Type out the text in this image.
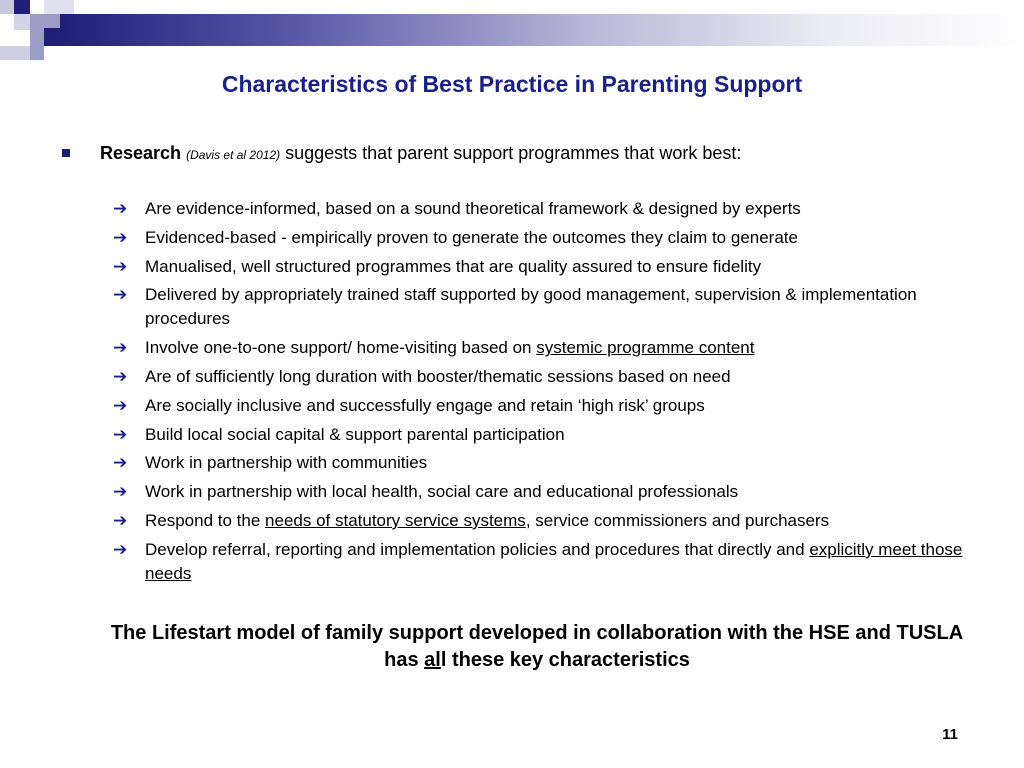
Characteristics of Best Practice in Parenting Support
Research (Davis et al 2012) suggests that parent support programmes that work best:
➔ Are evidence-informed, based on a sound theoretical framework & designed by experts
➔ Evidenced-based - empirically proven to generate the outcomes they claim to generate
➔ Manualised, well structured programmes that are quality assured to ensure fidelity
➔ Delivered by appropriately trained staff supported by good management, supervision & implementation procedures
➔ Involve one-to-one support/ home-visiting based on systemic programme content
➔ Are of sufficiently long duration with booster/thematic sessions based on need
➔ Are socially inclusive and successfully engage and retain ‘high risk’ groups
➔ Build local social capital & support parental participation
➔ Work in partnership with communities
➔ Work in partnership with local health, social care and educational professionals
➔ Respond to the needs of statutory service systems, service commissioners and purchasers
➔ Develop referral, reporting and implementation policies and procedures that directly and explicitly meet those needs
The Lifestart model of family support developed in collaboration with the HSE and TUSLA has all these key characteristics
11
